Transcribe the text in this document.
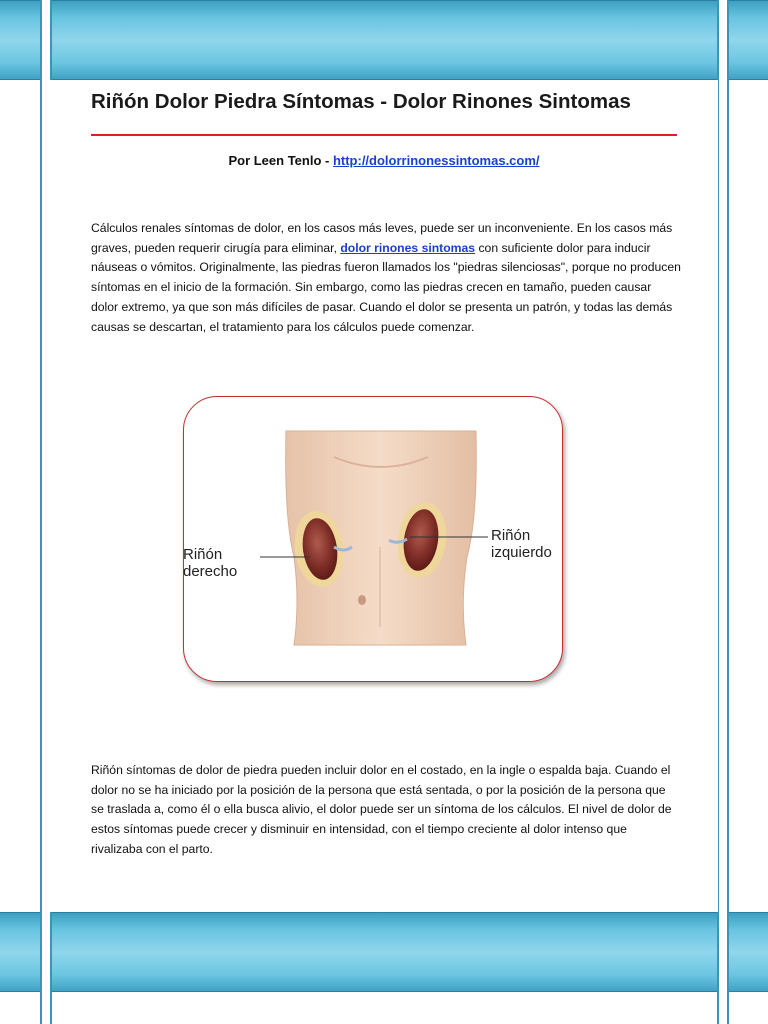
Riñón Dolor Piedra Síntomas - Dolor Rinones Sintomas
Por Leen Tenlo - http://dolorrinonessintomas.com/

Cálculos renales síntomas de dolor, en los casos más leves, puede ser un inconveniente. En los casos más graves, pueden requerir cirugía para eliminar, dolor rinones sintomas con suficiente dolor para inducir náuseas o vómitos. Originalmente, las piedras fueron llamados los "piedras silenciosas", porque no producen síntomas en el inicio de la formación. Sin embargo, como las piedras crecen en tamaño, pueden causar dolor extremo, ya que son más difíciles de pasar. Cuando el dolor se presenta un patrón, y todas las demás causas se descartan, el tratamiento para los cálculos puede comenzar.

Riñón
derecho
Riñón
izquierdo

Riñón síntomas de dolor de piedra pueden incluir dolor en el costado, en la ingle o espalda baja. Cuando el dolor no se ha iniciado por la posición de la persona que está sentada, o por la posición de la persona que se traslada a, como él o ella busca alivio, el dolor puede ser un síntoma de los cálculos. El nivel de dolor de estos síntomas puede crecer y disminuir en intensidad, con el tiempo creciente al dolor intenso que rivalizaba con el parto.
